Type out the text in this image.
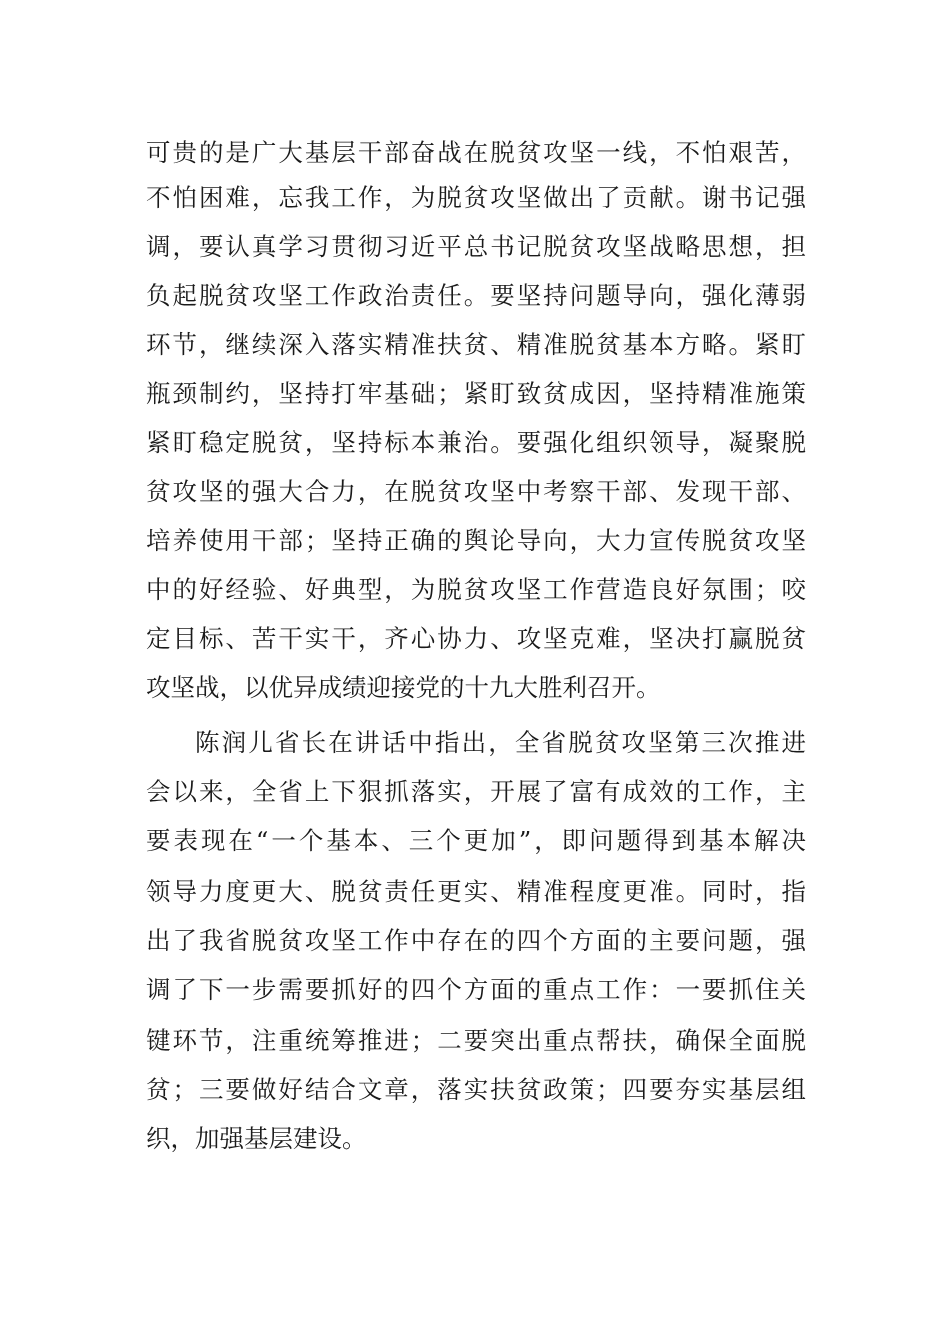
可贵的是广大基层干部奋战在脱贫攻坚一线，不怕艰苦，
不怕困难，忘我工作，为脱贫攻坚做出了贡献。谢书记强
调，要认真学习贯彻习近平总书记脱贫攻坚战略思想，担
负起脱贫攻坚工作政治责任。要坚持问题导向，强化薄弱
环节，继续深入落实精准扶贫、精准脱贫基本方略。紧盯
瓶颈制约，坚持打牢基础；紧盯致贫成因，坚持精准施策
紧盯稳定脱贫，坚持标本兼治。要强化组织领导，凝聚脱
贫攻坚的强大合力，在脱贫攻坚中考察干部、发现干部、
培养使用干部；坚持正确的舆论导向，大力宣传脱贫攻坚
中的好经验、好典型，为脱贫攻坚工作营造良好氛围；咬
定目标、苦干实干，齐心协力、攻坚克难，坚决打赢脱贫
攻坚战，以优异成绩迎接党的十九大胜利召开。
陈润儿省长在讲话中指出，全省脱贫攻坚第三次推进
会以来，全省上下狠抓落实，开展了富有成效的工作，主
要表现在“一个基本、三个更加”，即问题得到基本解决
领导力度更大、脱贫责任更实、精准程度更准。同时，指
出了我省脱贫攻坚工作中存在的四个方面的主要问题，强
调了下一步需要抓好的四个方面的重点工作：一要抓住关
键环节，注重统筹推进；二要突出重点帮扶，确保全面脱
贫；三要做好结合文章，落实扶贫政策；四要夯实基层组
织，加强基层建设。
